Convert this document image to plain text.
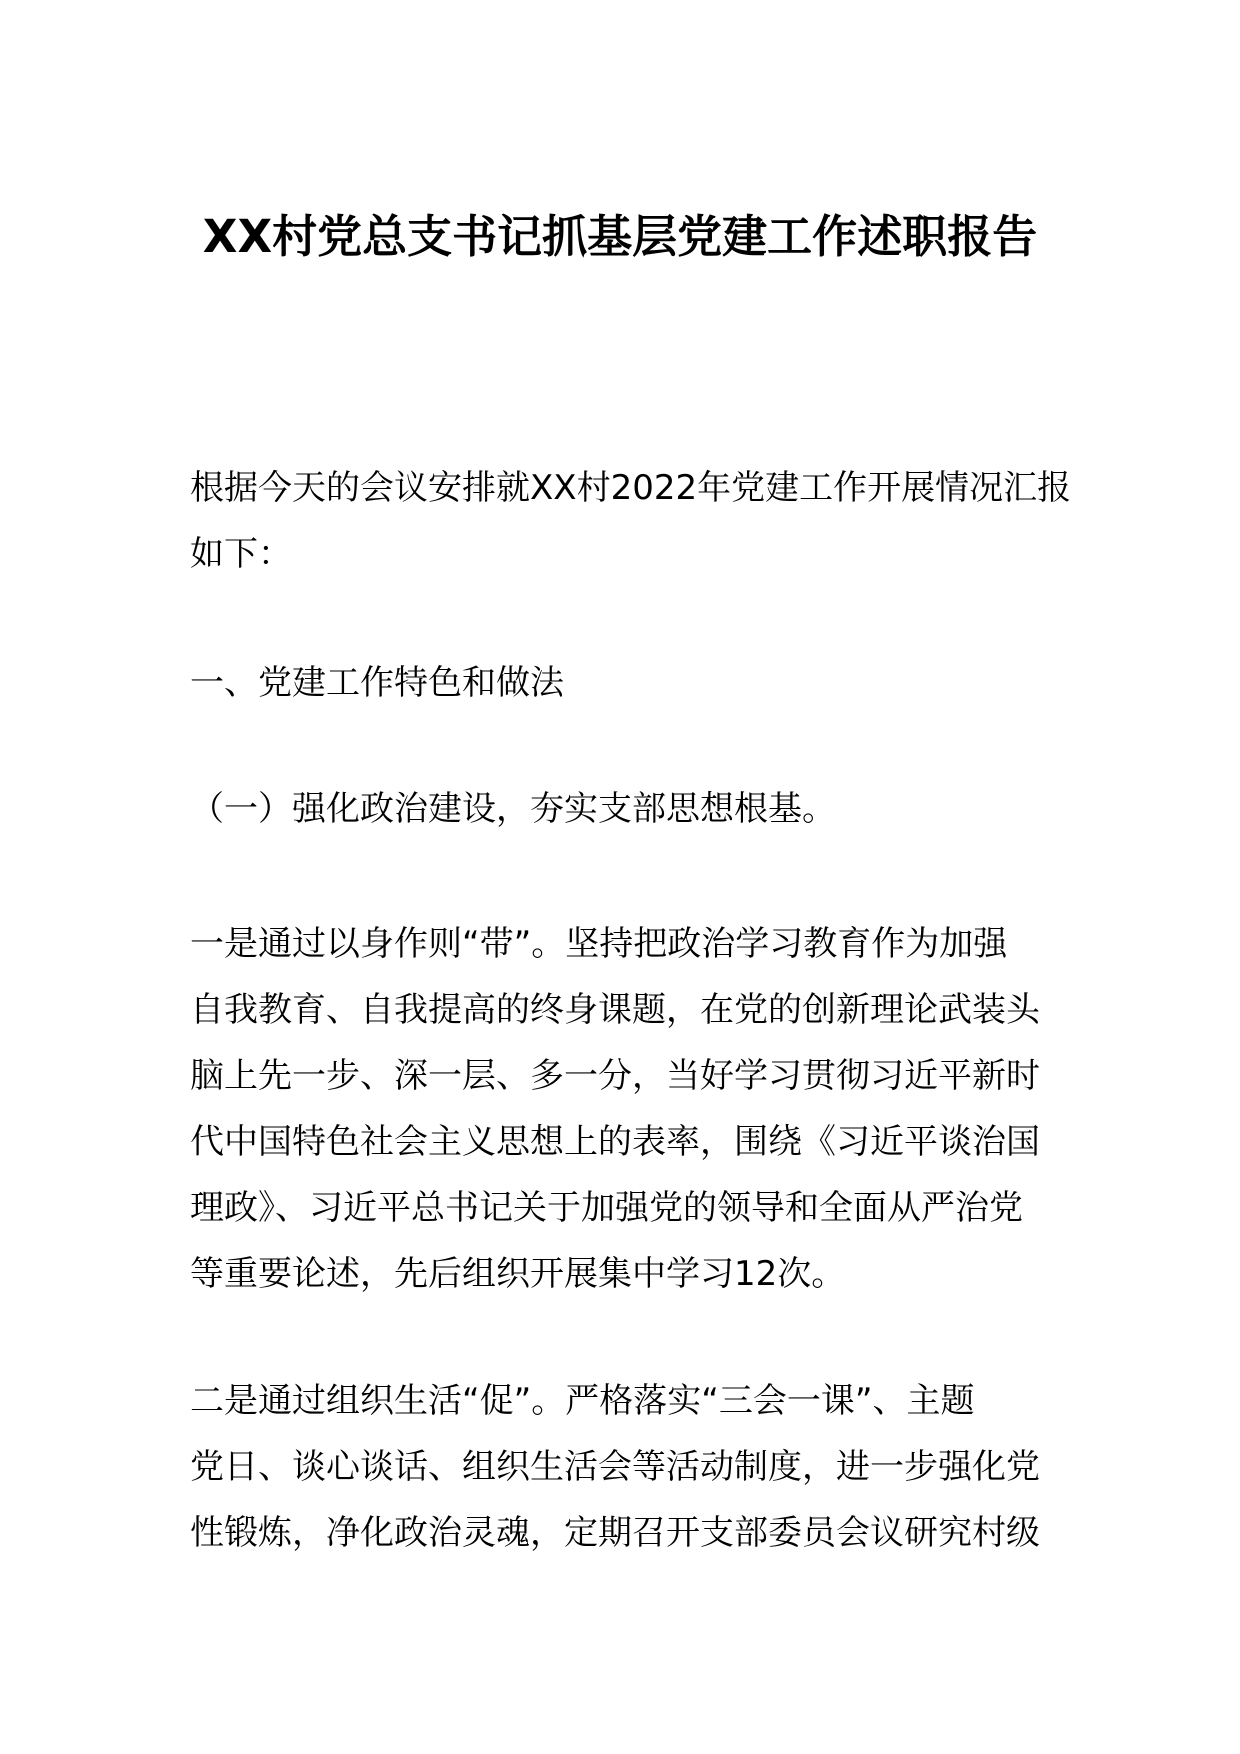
XX村党总支书记抓基层党建工作述职报告
根据今天的会议安排就XX村2022年党建工作开展情况汇报
如下：
一、党建工作特色和做法
（一）强化政治建设，夯实支部思想根基。
一是通过以身作则“带”。坚持把政治学习教育作为加强
自我教育、自我提高的终身课题，在党的创新理论武装头
脑上先一步、深一层、多一分，当好学习贯彻习近平新时
代中国特色社会主义思想上的表率，围绕《习近平谈治国
理政》、习近平总书记关于加强党的领导和全面从严治党
等重要论述，先后组织开展集中学习12次。
二是通过组织生活“促”。严格落实“三会一课”、主题
党日、谈心谈话、组织生活会等活动制度，进一步强化党
性锻炼，净化政治灵魂，定期召开支部委员会议研究村级
